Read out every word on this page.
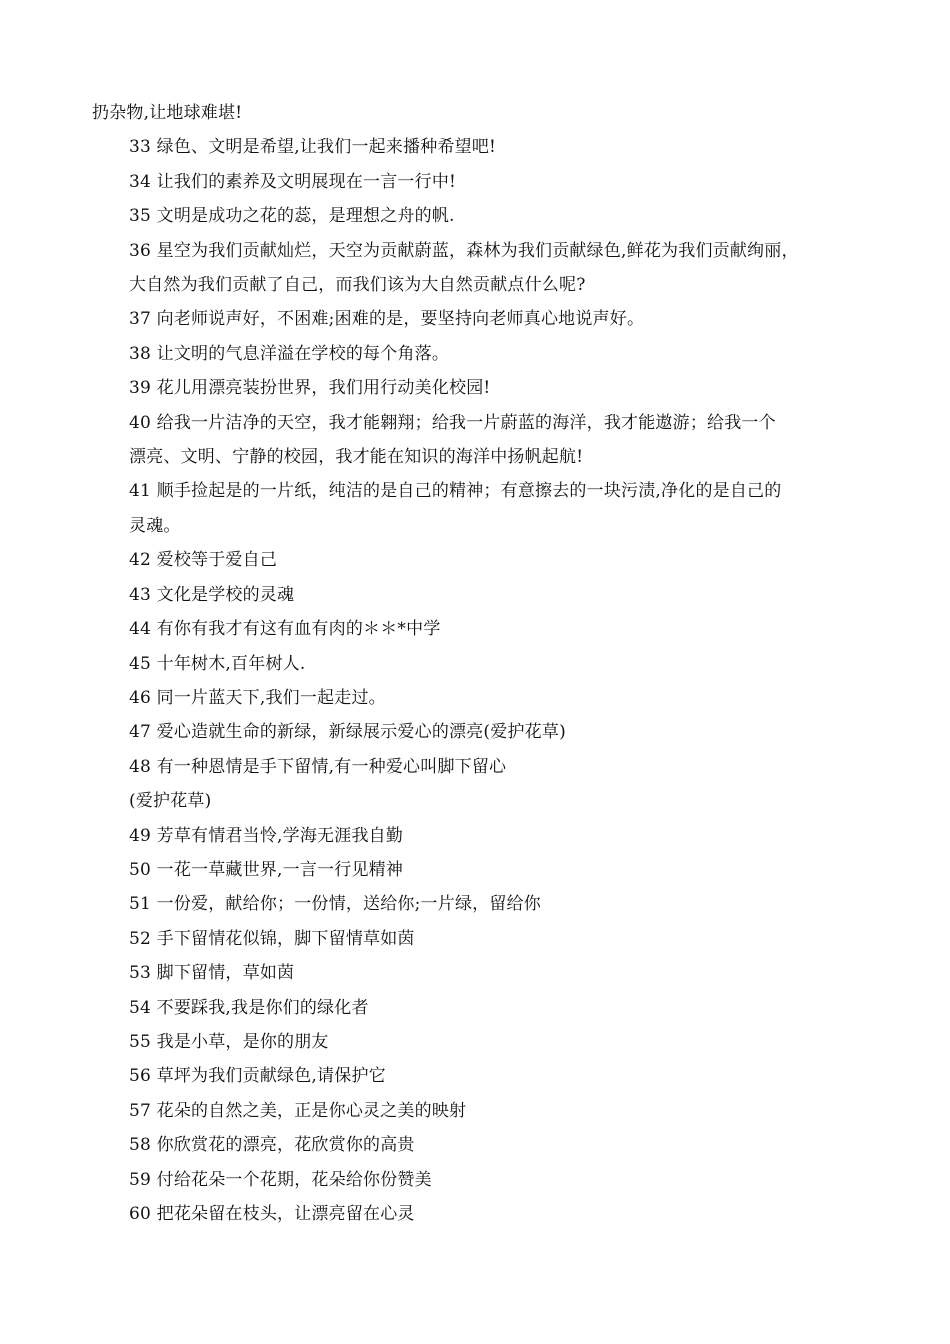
扔杂物,让地球难堪!

33 绿色、文明是希望,让我们一起来播种希望吧!

34 让我们的素养及文明展现在一言一行中!

35 文明是成功之花的蕊，是理想之舟的帆.

36 星空为我们贡献灿烂，天空为贡献蔚蓝，森林为我们贡献绿色,鲜花为我们贡献绚丽，
大自然为我们贡献了自己，而我们该为大自然贡献点什么呢?

37 向老师说声好，不困难;困难的是，要坚持向老师真心地说声好。

38 让文明的气息洋溢在学校的每个角落。

39 花儿用漂亮装扮世界，我们用行动美化校园!

40 给我一片洁净的天空，我才能翱翔；给我一片蔚蓝的海洋，我才能遨游；给我一个
漂亮、文明、宁静的校园，我才能在知识的海洋中扬帆起航!

41 顺手捡起是的一片纸，纯洁的是自己的精神；有意擦去的一块污渍,净化的是自己的
灵魂。

42 爱校等于爱自己

43 文化是学校的灵魂

44 有你有我才有这有血有肉的＊＊*中学

45 十年树木,百年树人.

46 同一片蓝天下,我们一起走过。

47 爱心造就生命的新绿，新绿展示爱心的漂亮(爱护花草)

48 有一种恩情是手下留情,有一种爱心叫脚下留心

(爱护花草)

49 芳草有情君当怜,学海无涯我自勤

50 一花一草藏世界,一言一行见精神

51 一份爱，献给你；一份情，送给你;一片绿，留给你

52 手下留情花似锦，脚下留情草如茵

53 脚下留情，草如茵

54 不要踩我,我是你们的绿化者

55 我是小草，是你的朋友

56 草坪为我们贡献绿色,请保护它

57 花朵的自然之美，正是你心灵之美的映射

58 你欣赏花的漂亮，花欣赏你的高贵

59 付给花朵一个花期，花朵给你份赞美

60 把花朵留在枝头，让漂亮留在心灵
